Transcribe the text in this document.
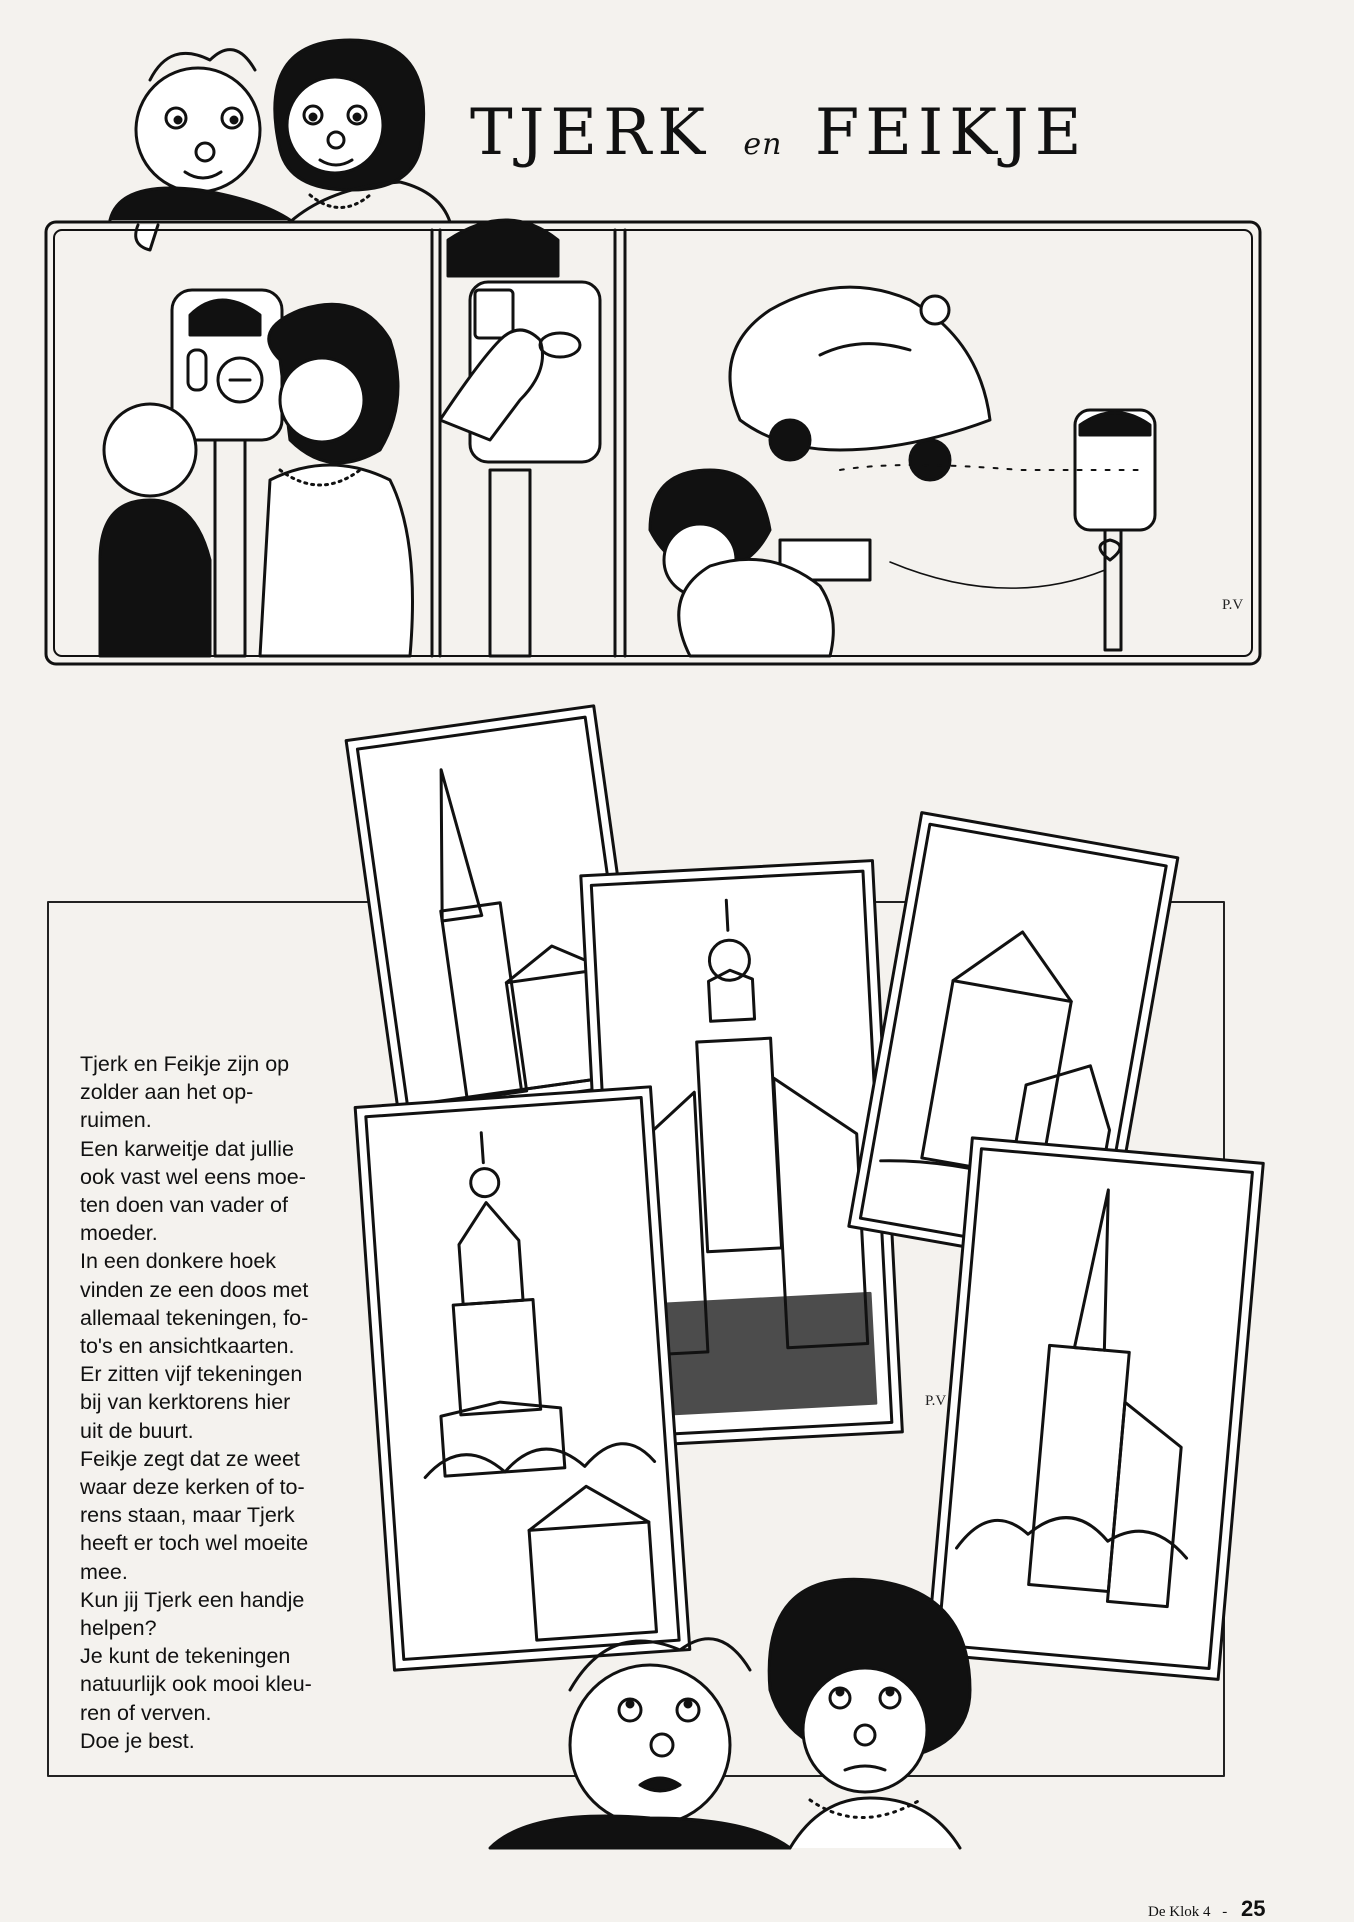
TJERK en FEIKJE
P.V
P.V

Tjerk en Feikje zijn op

zolder aan het op-

ruimen.

Een karweitje dat jullie

ook vast wel eens moe-

ten doen van vader of

moeder.

In een donkere hoek

vinden ze een doos met

allemaal tekeningen, fo-

to's en ansichtkaarten.

Er zitten vijf tekeningen

bij van kerktorens hier

uit de buurt.

Feikje zegt dat ze weet

waar deze kerken of to-

rens staan, maar Tjerk

heeft er toch wel moeite

mee.

Kun jij Tjerk een handje

helpen?

Je kunt de tekeningen

natuurlijk ook mooi kleu-

ren of verven.

Doe je best.

De Klok 4 - 25
